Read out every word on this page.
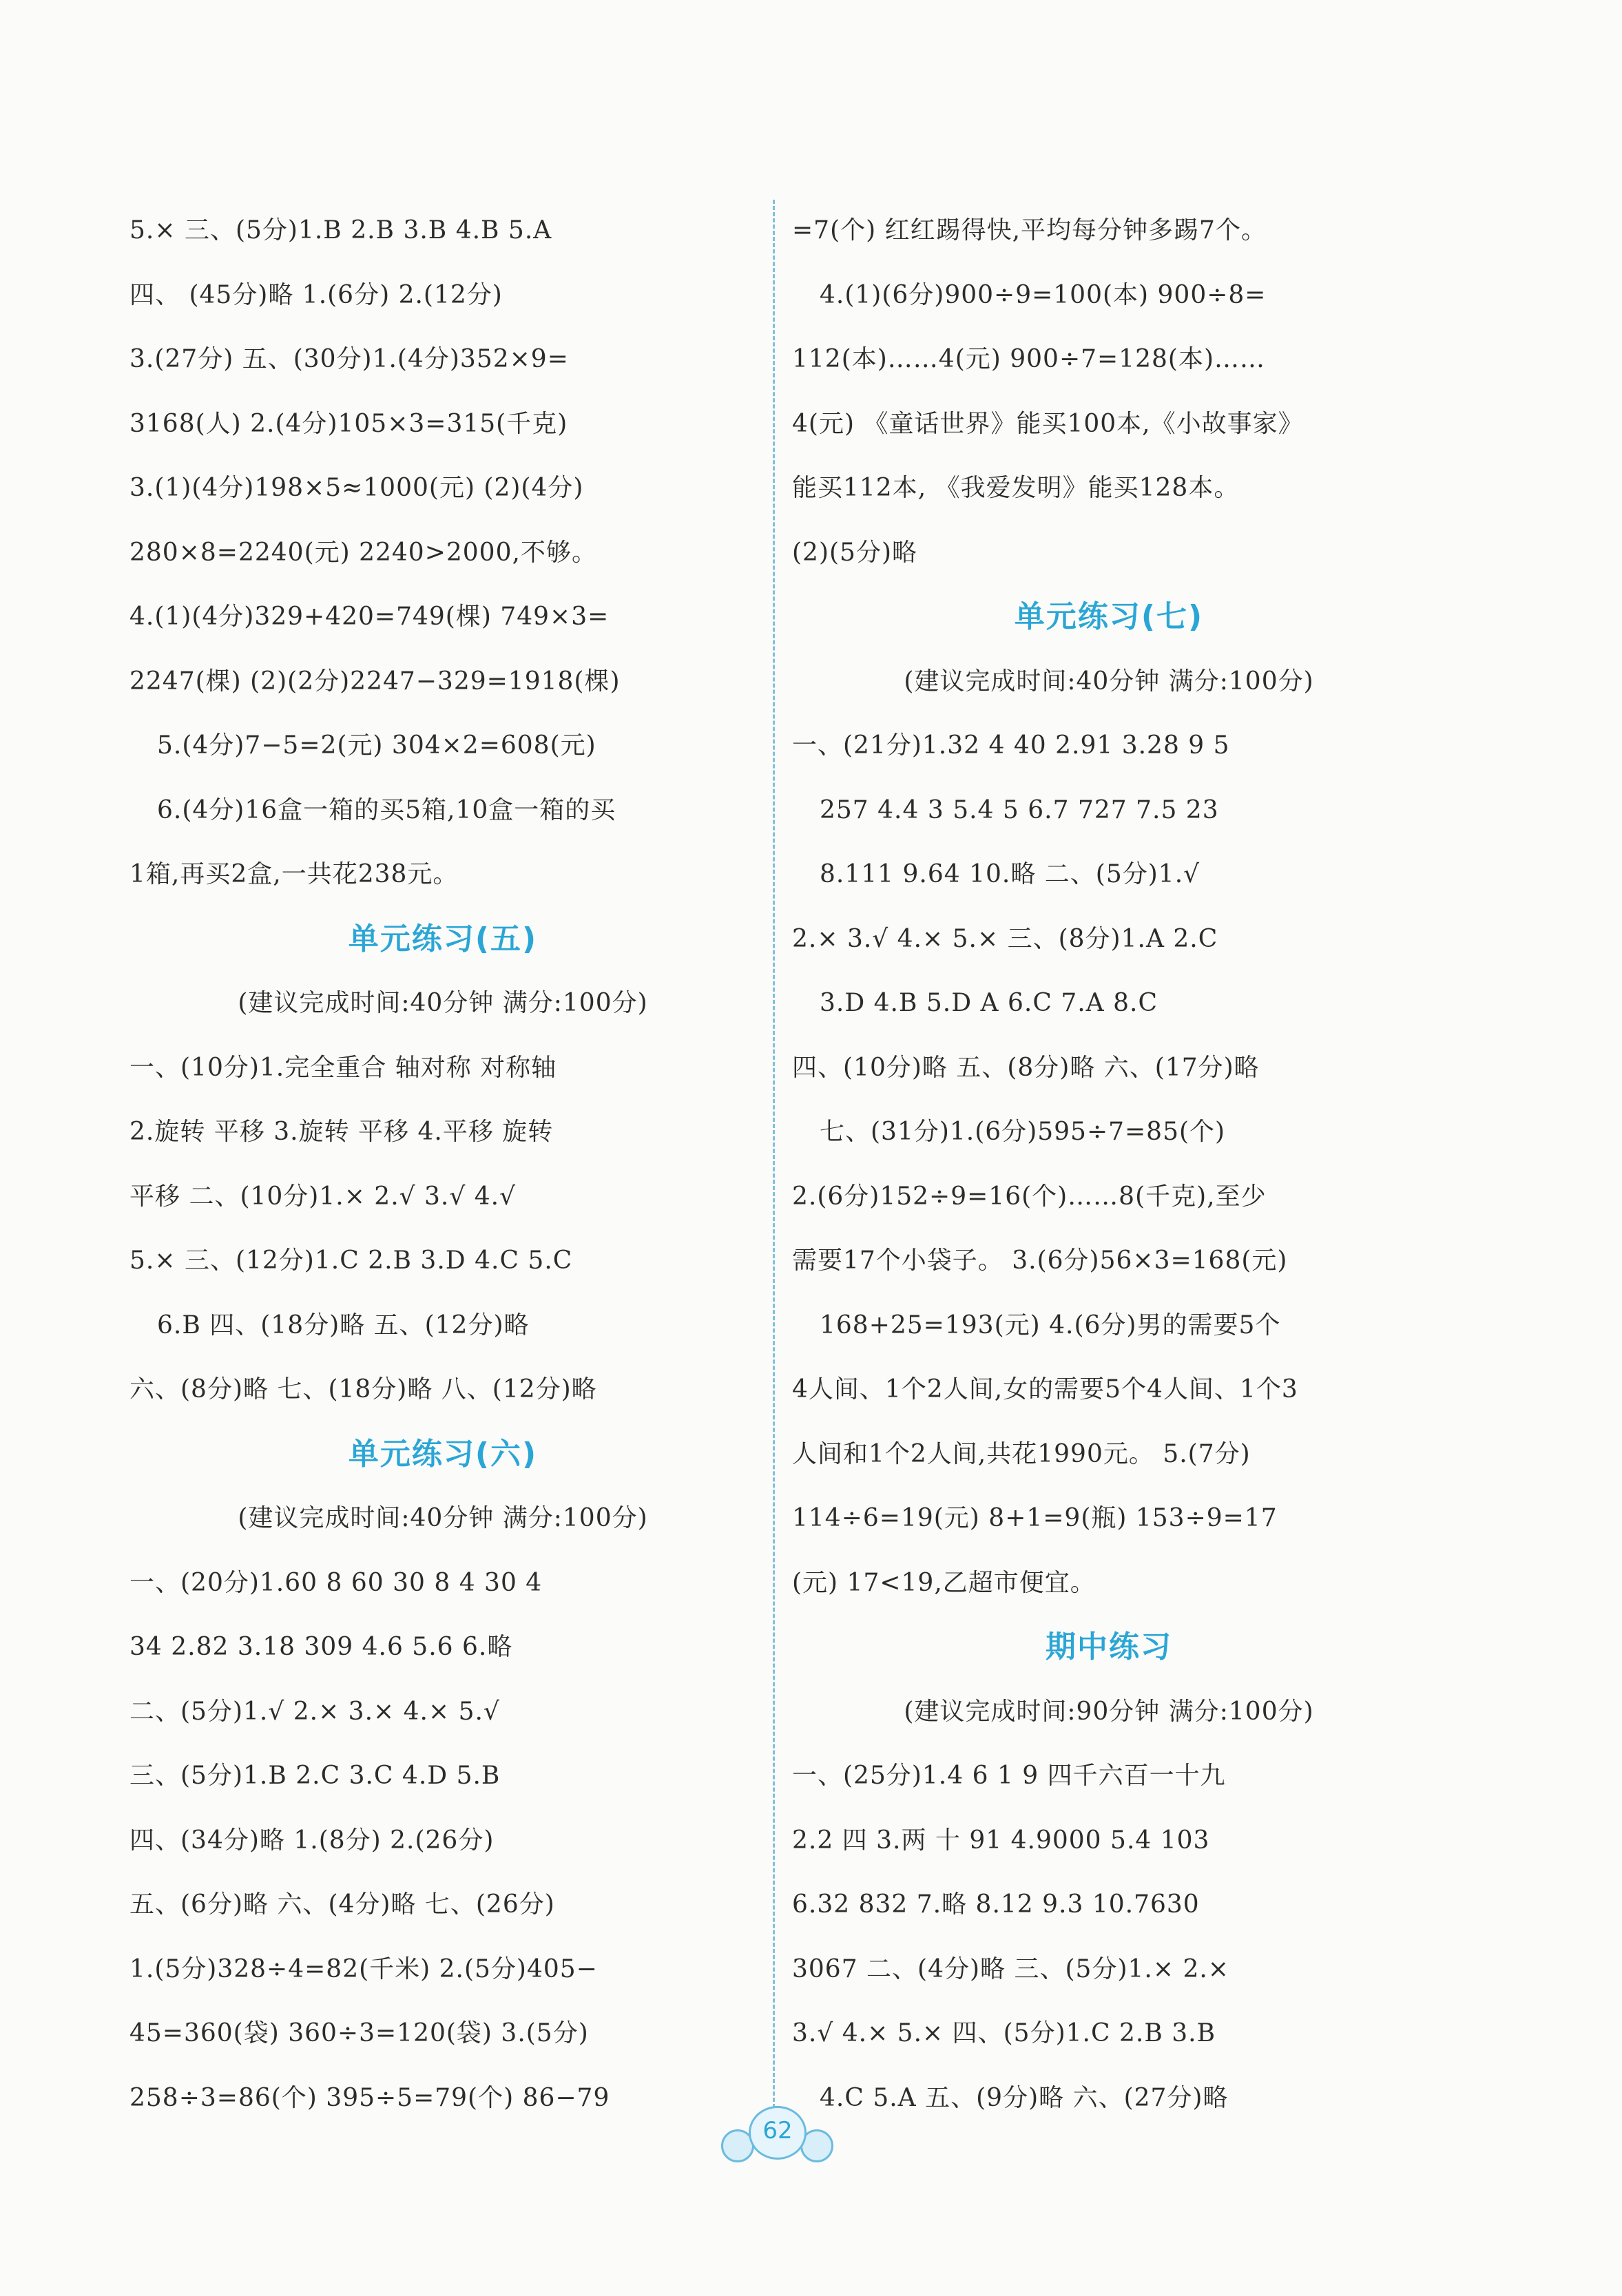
5.× 三、(5分)1.B 2.B 3.B 4.B 5.A
四、 (45分)略 1.(6分) 2.(12分)
3.(27分) 五、(30分)1.(4分)352×9=
3168(人) 2.(4分)105×3=315(千克)
3.(1)(4分)198×5≈1000(元) (2)(4分)
280×8=2240(元) 2240>2000,不够。
4.(1)(4分)329+420=749(棵) 749×3=
2247(棵) (2)(2分)2247−329=1918(棵)
5.(4分)7−5=2(元) 304×2=608(元)
6.(4分)16盒一箱的买5箱,10盒一箱的买
1箱,再买2盒,一共花238元。
单元练习(五)
(建议完成时间:40分钟 满分:100分)
一、(10分)1.完全重合 轴对称 对称轴
2.旋转 平移 3.旋转 平移 4.平移 旋转
平移 二、(10分)1.× 2.√ 3.√ 4.√
5.× 三、(12分)1.C 2.B 3.D 4.C 5.C
6.B 四、(18分)略 五、(12分)略
六、(8分)略 七、(18分)略 八、(12分)略
单元练习(六)
(建议完成时间:40分钟 满分:100分)
一、(20分)1.60 8 60 30 8 4 30 4
34 2.82 3.18 309 4.6 5.6 6.略
二、(5分)1.√ 2.× 3.× 4.× 5.√
三、(5分)1.B 2.C 3.C 4.D 5.B
四、(34分)略 1.(8分) 2.(26分)
五、(6分)略 六、(4分)略 七、(26分)
1.(5分)328÷4=82(千米) 2.(5分)405−
45=360(袋) 360÷3=120(袋) 3.(5分)
258÷3=86(个) 395÷5=79(个) 86−79
=7(个) 红红踢得快,平均每分钟多踢7个。
4.(1)(6分)900÷9=100(本) 900÷8=
112(本)……4(元) 900÷7=128(本)……
4(元) 《童话世界》能买100本,《小故事家》
能买112本, 《我爱发明》能买128本。
(2)(5分)略
单元练习(七)
(建议完成时间:40分钟 满分:100分)
一、(21分)1.32 4 40 2.91 3.28 9 5
257 4.4 3 5.4 5 6.7 727 7.5 23
8.111 9.64 10.略 二、(5分)1.√
2.× 3.√ 4.× 5.× 三、(8分)1.A 2.C
3.D 4.B 5.D A 6.C 7.A 8.C
四、(10分)略 五、(8分)略 六、(17分)略
七、(31分)1.(6分)595÷7=85(个)
2.(6分)152÷9=16(个)……8(千克),至少
需要17个小袋子。 3.(6分)56×3=168(元)
168+25=193(元) 4.(6分)男的需要5个
4人间、1个2人间,女的需要5个4人间、1个3
人间和1个2人间,共花1990元。 5.(7分)
114÷6=19(元) 8+1=9(瓶) 153÷9=17
(元) 17<19,乙超市便宜。
期中练习
(建议完成时间:90分钟 满分:100分)
一、(25分)1.4 6 1 9 四千六百一十九
2.2 四 3.两 十 91 4.9000 5.4 103
6.32 832 7.略 8.12 9.3 10.7630
3067 二、(4分)略 三、(5分)1.× 2.×
3.√ 4.× 5.× 四、(5分)1.C 2.B 3.B
4.C 5.A 五、(9分)略 六、(27分)略
62
